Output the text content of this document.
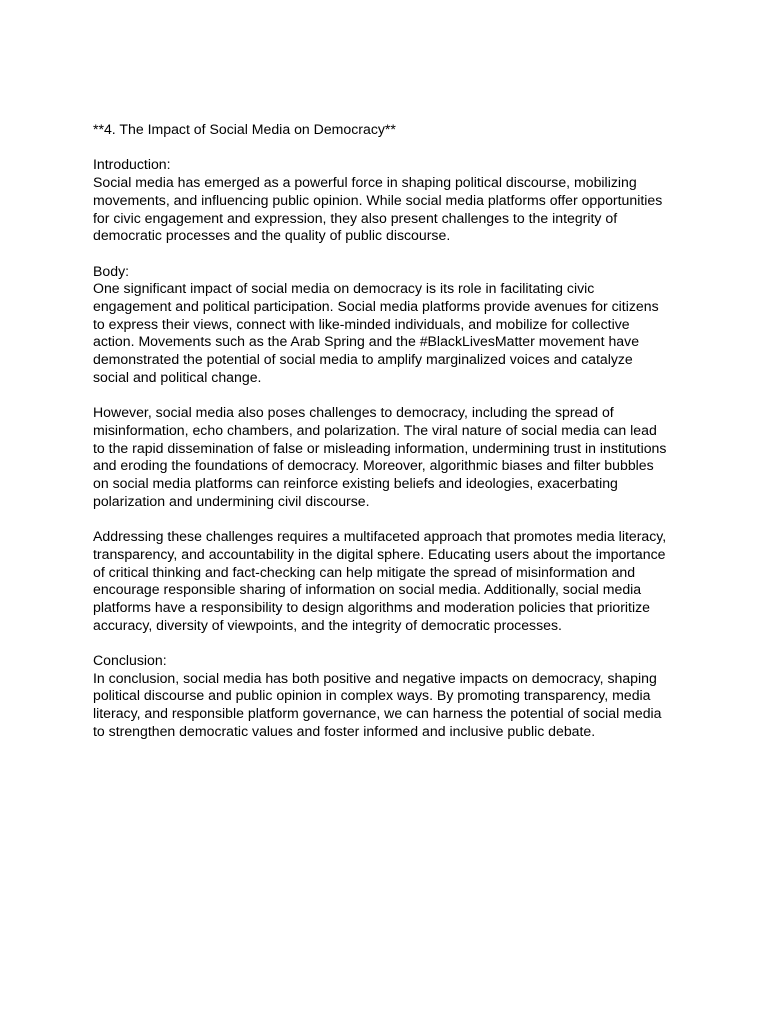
**4. The Impact of Social Media on Democracy**

Introduction:

Social media has emerged as a powerful force in shaping political discourse, mobilizing
movements, and influencing public opinion. While social media platforms offer opportunities
for civic engagement and expression, they also present challenges to the integrity of
democratic processes and the quality of public discourse.

Body:

One significant impact of social media on democracy is its role in facilitating civic
engagement and political participation. Social media platforms provide avenues for citizens
to express their views, connect with like-minded individuals, and mobilize for collective
action. Movements such as the Arab Spring and the #BlackLivesMatter movement have
demonstrated the potential of social media to amplify marginalized voices and catalyze
social and political change.

However, social media also poses challenges to democracy, including the spread of
misinformation, echo chambers, and polarization. The viral nature of social media can lead
to the rapid dissemination of false or misleading information, undermining trust in institutions
and eroding the foundations of democracy. Moreover, algorithmic biases and filter bubbles
on social media platforms can reinforce existing beliefs and ideologies, exacerbating
polarization and undermining civil discourse.

Addressing these challenges requires a multifaceted approach that promotes media literacy,
transparency, and accountability in the digital sphere. Educating users about the importance
of critical thinking and fact-checking can help mitigate the spread of misinformation and
encourage responsible sharing of information on social media. Additionally, social media
platforms have a responsibility to design algorithms and moderation policies that prioritize
accuracy, diversity of viewpoints, and the integrity of democratic processes.

Conclusion:

In conclusion, social media has both positive and negative impacts on democracy, shaping
political discourse and public opinion in complex ways. By promoting transparency, media
literacy, and responsible platform governance, we can harness the potential of social media
to strengthen democratic values and foster informed and inclusive public debate.
